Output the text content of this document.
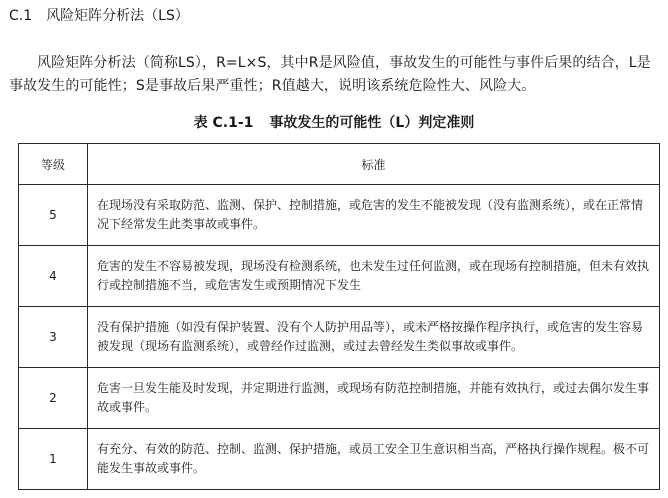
C.1 风险矩阵分析法（LS）

风险矩阵分析法（简称LS），R=L×S，其中R是风险值，事故发生的可能性与事件后果的结合，L是事故发生的可能性；S是事故后果严重性；R值越大，说明该系统危险性大、风险大。

表 C.1-1 事故发生的可能性（L）判定准则
等级	标准
5	在现场没有采取防范、监测、保护、控制措施，或危害的发生不能被发现（没有监测系统），或在正常情况下经常发生此类事故或事件。
4	危害的发生不容易被发现，现场没有检测系统，也未发生过任何监测，或在现场有控制措施，但未有效执行或控制措施不当，或危害发生或预期情况下发生
3	没有保护措施（如没有保护装置、没有个人防护用品等），或未严格按操作程序执行，或危害的发生容易被发现（现场有监测系统），或曾经作过监测，或过去曾经发生类似事故或事件。
2	危害一旦发生能及时发现，并定期进行监测，或现场有防范控制措施，并能有效执行，或过去偶尔发生事故或事件。
1	有充分、有效的防范、控制、监测、保护措施，或员工安全卫生意识相当高，严格执行操作规程。极不可能发生事故或事件。
